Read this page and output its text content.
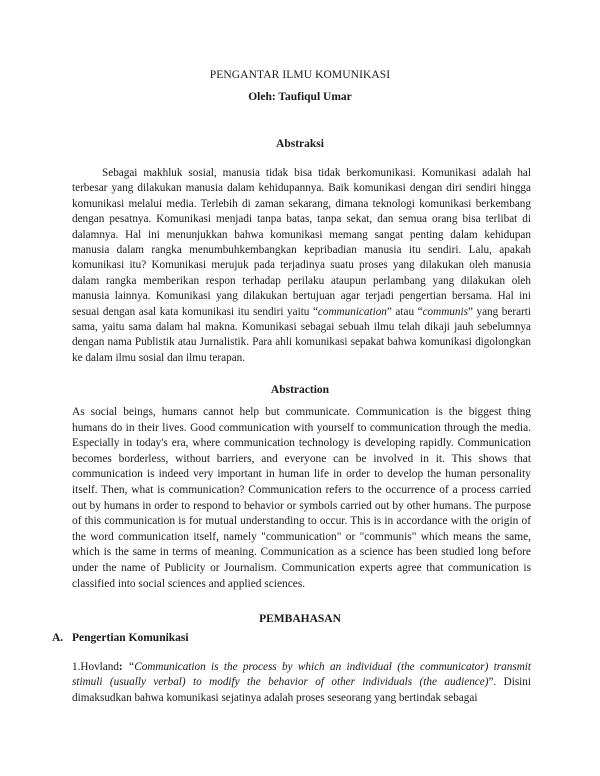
PENGANTAR ILMU KOMUNIKASI
Oleh: Taufiqul Umar
Abstraksi

Sebagai makhluk sosial, manusia tidak bisa tidak berkomunikasi. Komunikasi adalah hal terbesar yang dilakukan manusia dalam kehidupannya. Baik komunikasi dengan diri sendiri hingga komunikasi melalui media. Terlebih di zaman sekarang, dimana teknologi komunikasi berkembang dengan pesatnya. Komunikasi menjadi tanpa batas, tanpa sekat, dan semua orang bisa terlibat di dalamnya. Hal ini menunjukkan bahwa komunikasi memang sangat penting dalam kehidupan manusia dalam rangka menumbuhkembangkan kepribadian manusia itu sendiri. Lalu, apakah komunikasi itu? Komunikasi merujuk pada terjadinya suatu proses yang dilakukan oleh manusia dalam rangka memberikan respon terhadap perilaku ataupun perlambang yang dilakukan oleh manusia lainnya. Komunikasi yang dilakukan bertujuan agar terjadi pengertian bersama. Hal ini sesuai dengan asal kata komunikasi itu sendiri yaitu “communication” atau “communis” yang berarti sama, yaitu sama dalam hal makna. Komunikasi sebagai sebuah ilmu telah dikaji jauh sebelumnya dengan nama Publistik atau Jurnalistik. Para ahli komunikasi sepakat bahwa komunikasi digolongkan ke dalam ilmu sosial dan ilmu terapan.

Abstraction

As social beings, humans cannot help but communicate. Communication is the biggest thing humans do in their lives. Good communication with yourself to communication through the media. Especially in today's era, where communication technology is developing rapidly. Communication becomes borderless, without barriers, and everyone can be involved in it. This shows that communication is indeed very important in human life in order to develop the human personality itself. Then, what is communication? Communication refers to the occurrence of a process carried out by humans in order to respond to behavior or symbols carried out by other humans. The purpose of this communication is for mutual understanding to occur. This is in accordance with the origin of the word communication itself, namely "communication" or "communis" which means the same, which is the same in terms of meaning. Communication as a science has been studied long before under the name of Publicity or Journalism. Communication experts agree that communication is classified into social sciences and applied sciences.

PEMBAHASAN
A. Pengertian Komunikasi

1.Hovland: “Communication is the process by which an individual (the communicator) transmit stimuli (usually verbal) to modify the behavior of other individuals (the audience)”. Disini dimaksudkan bahwa komunikasi sejatinya adalah proses seseorang yang bertindak sebagai
